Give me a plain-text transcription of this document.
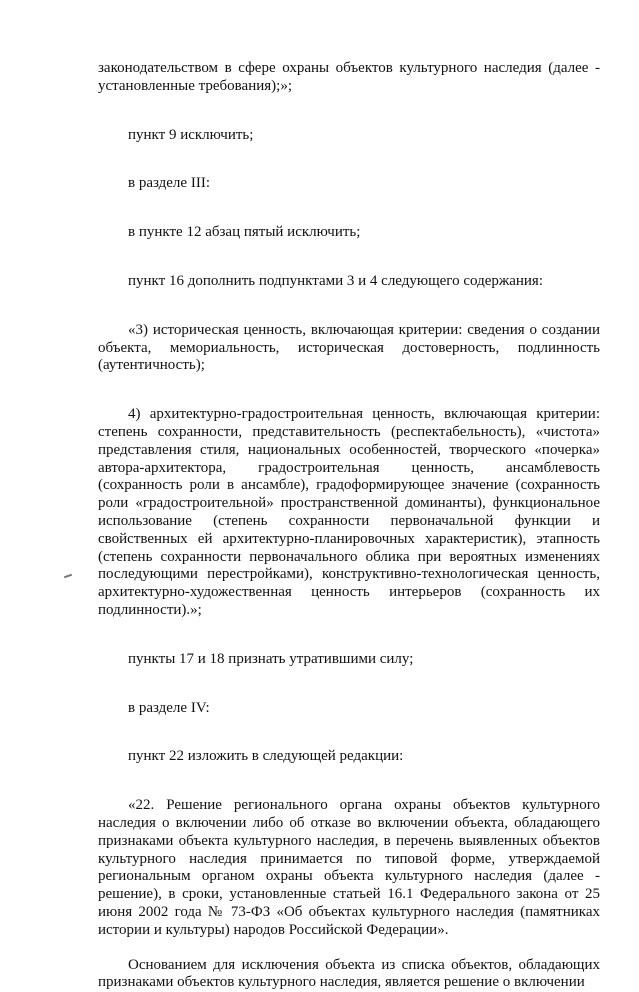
законодательством в сфере охраны объектов культурного наследия (далее - установленные требования);»;

пункт 9 исключить;

в разделе III:

в пункте 12 абзац пятый исключить;

пункт 16 дополнить подпунктами 3 и 4 следующего содержания:

«3) историческая ценность, включающая критерии: сведения о создании объекта, мемориальность, историческая достоверность, подлинность (аутентичность);

4) архитектурно-градостроительная ценность, включающая критерии: степень сохранности, представительность (респектабельность), «чистота» представления стиля, национальных особенностей, творческого «почерка» автора-архитектора, градостроительная ценность, ансамблевость (сохранность роли в ансамбле), градоформирующее значение (сохранность роли «градостроительной» пространственной доминанты), функциональное использование (степень сохранности первоначальной функции и свойственных ей архитектурно-планировочных характеристик), этапность (степень сохранности первоначального облика при вероятных изменениях последующими перестройками), конструктивно-технологическая ценность, архитектурно-художественная ценность интерьеров (сохранность их подлинности).»;

пункты 17 и 18 признать утратившими силу;

в разделе IV:

пункт 22 изложить в следующей редакции:

«22. Решение регионального органа охраны объектов культурного наследия о включении либо об отказе во включении объекта, обладающего признаками объекта культурного наследия, в перечень выявленных объектов культурного наследия принимается по типовой форме, утверждаемой региональным органом охраны объекта культурного наследия (далее - решение), в сроки, установленные статьей 16.1 Федерального закона от 25 июня 2002 года № 73-ФЗ «Об объектах культурного наследия (памятниках истории и культуры) народов Российской Федерации».

Основанием для исключения объекта из списка объектов, обладающих признаками объектов культурного наследия, является решение о включении
